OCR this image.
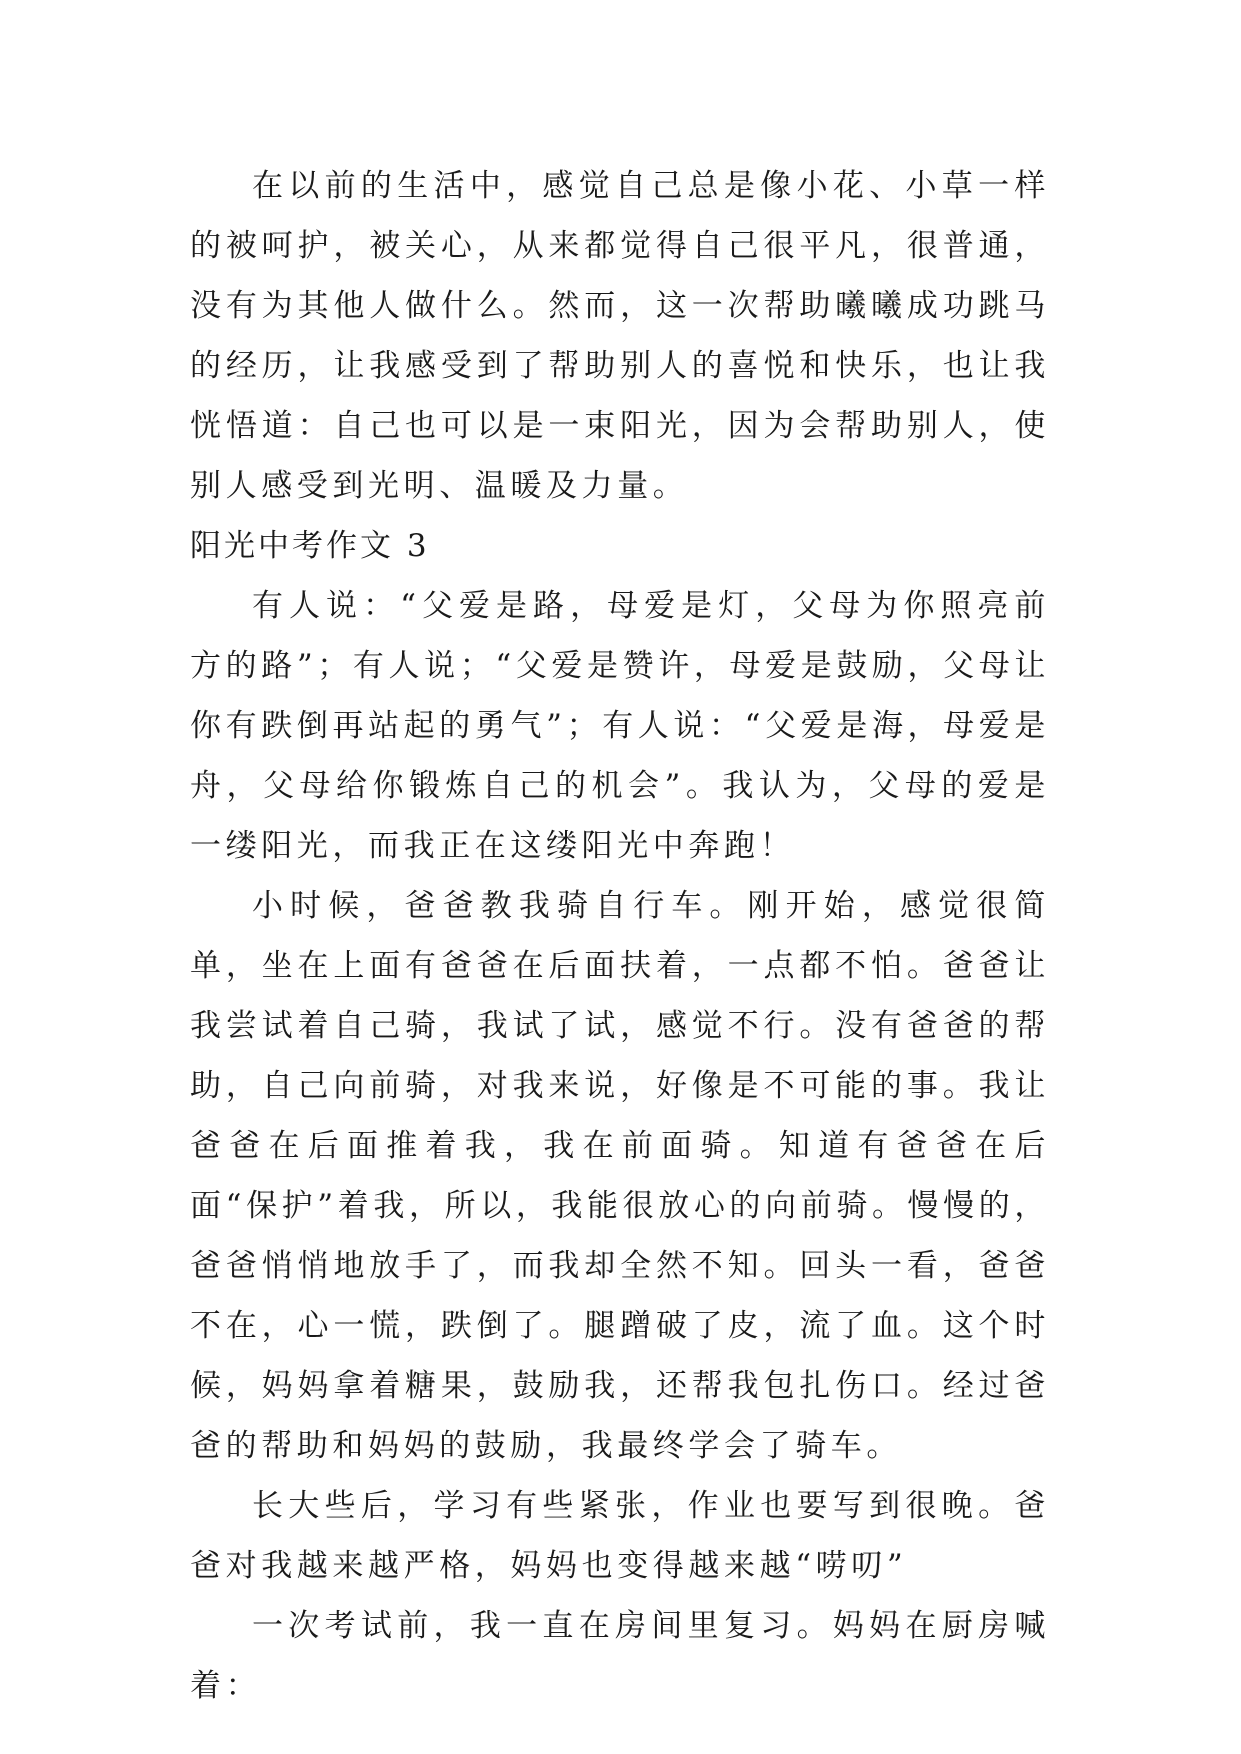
在以前的生活中，感觉自己总是像小花、小草一样的被呵护，被关心，从来都觉得自己很平凡，很普通，没有为其他人做什么。然而，这一次帮助曦曦成功跳马的经历，让我感受到了帮助别人的喜悦和快乐，也让我恍悟道：自己也可以是一束阳光，因为会帮助别人，使别人感受到光明、温暖及力量。

阳光中考作文 3

有人说：“父爱是路，母爱是灯，父母为你照亮前方的路”；有人说；“父爱是赞许，母爱是鼓励，父母让你有跌倒再站起的勇气”；有人说：“父爱是海，母爱是舟，父母给你锻炼自己的机会”。我认为，父母的爱是一缕阳光，而我正在这缕阳光中奔跑！

小时候，爸爸教我骑自行车。刚开始，感觉很简单，坐在上面有爸爸在后面扶着，一点都不怕。爸爸让我尝试着自己骑，我试了试，感觉不行。没有爸爸的帮助，自己向前骑，对我来说，好像是不可能的事。我让爸爸在后面推着我，我在前面骑。知道有爸爸在后面“保护”着我，所以，我能很放心的向前骑。慢慢的，爸爸悄悄地放手了，而我却全然不知。回头一看，爸爸不在，心一慌，跌倒了。腿蹭破了皮，流了血。这个时候，妈妈拿着糖果，鼓励我，还帮我包扎伤口。经过爸爸的帮助和妈妈的鼓励，我最终学会了骑车。

长大些后，学习有些紧张，作业也要写到很晚。爸爸对我越来越严格，妈妈也变得越来越“唠叨”

一次考试前，我一直在房间里复习。妈妈在厨房喊着：
